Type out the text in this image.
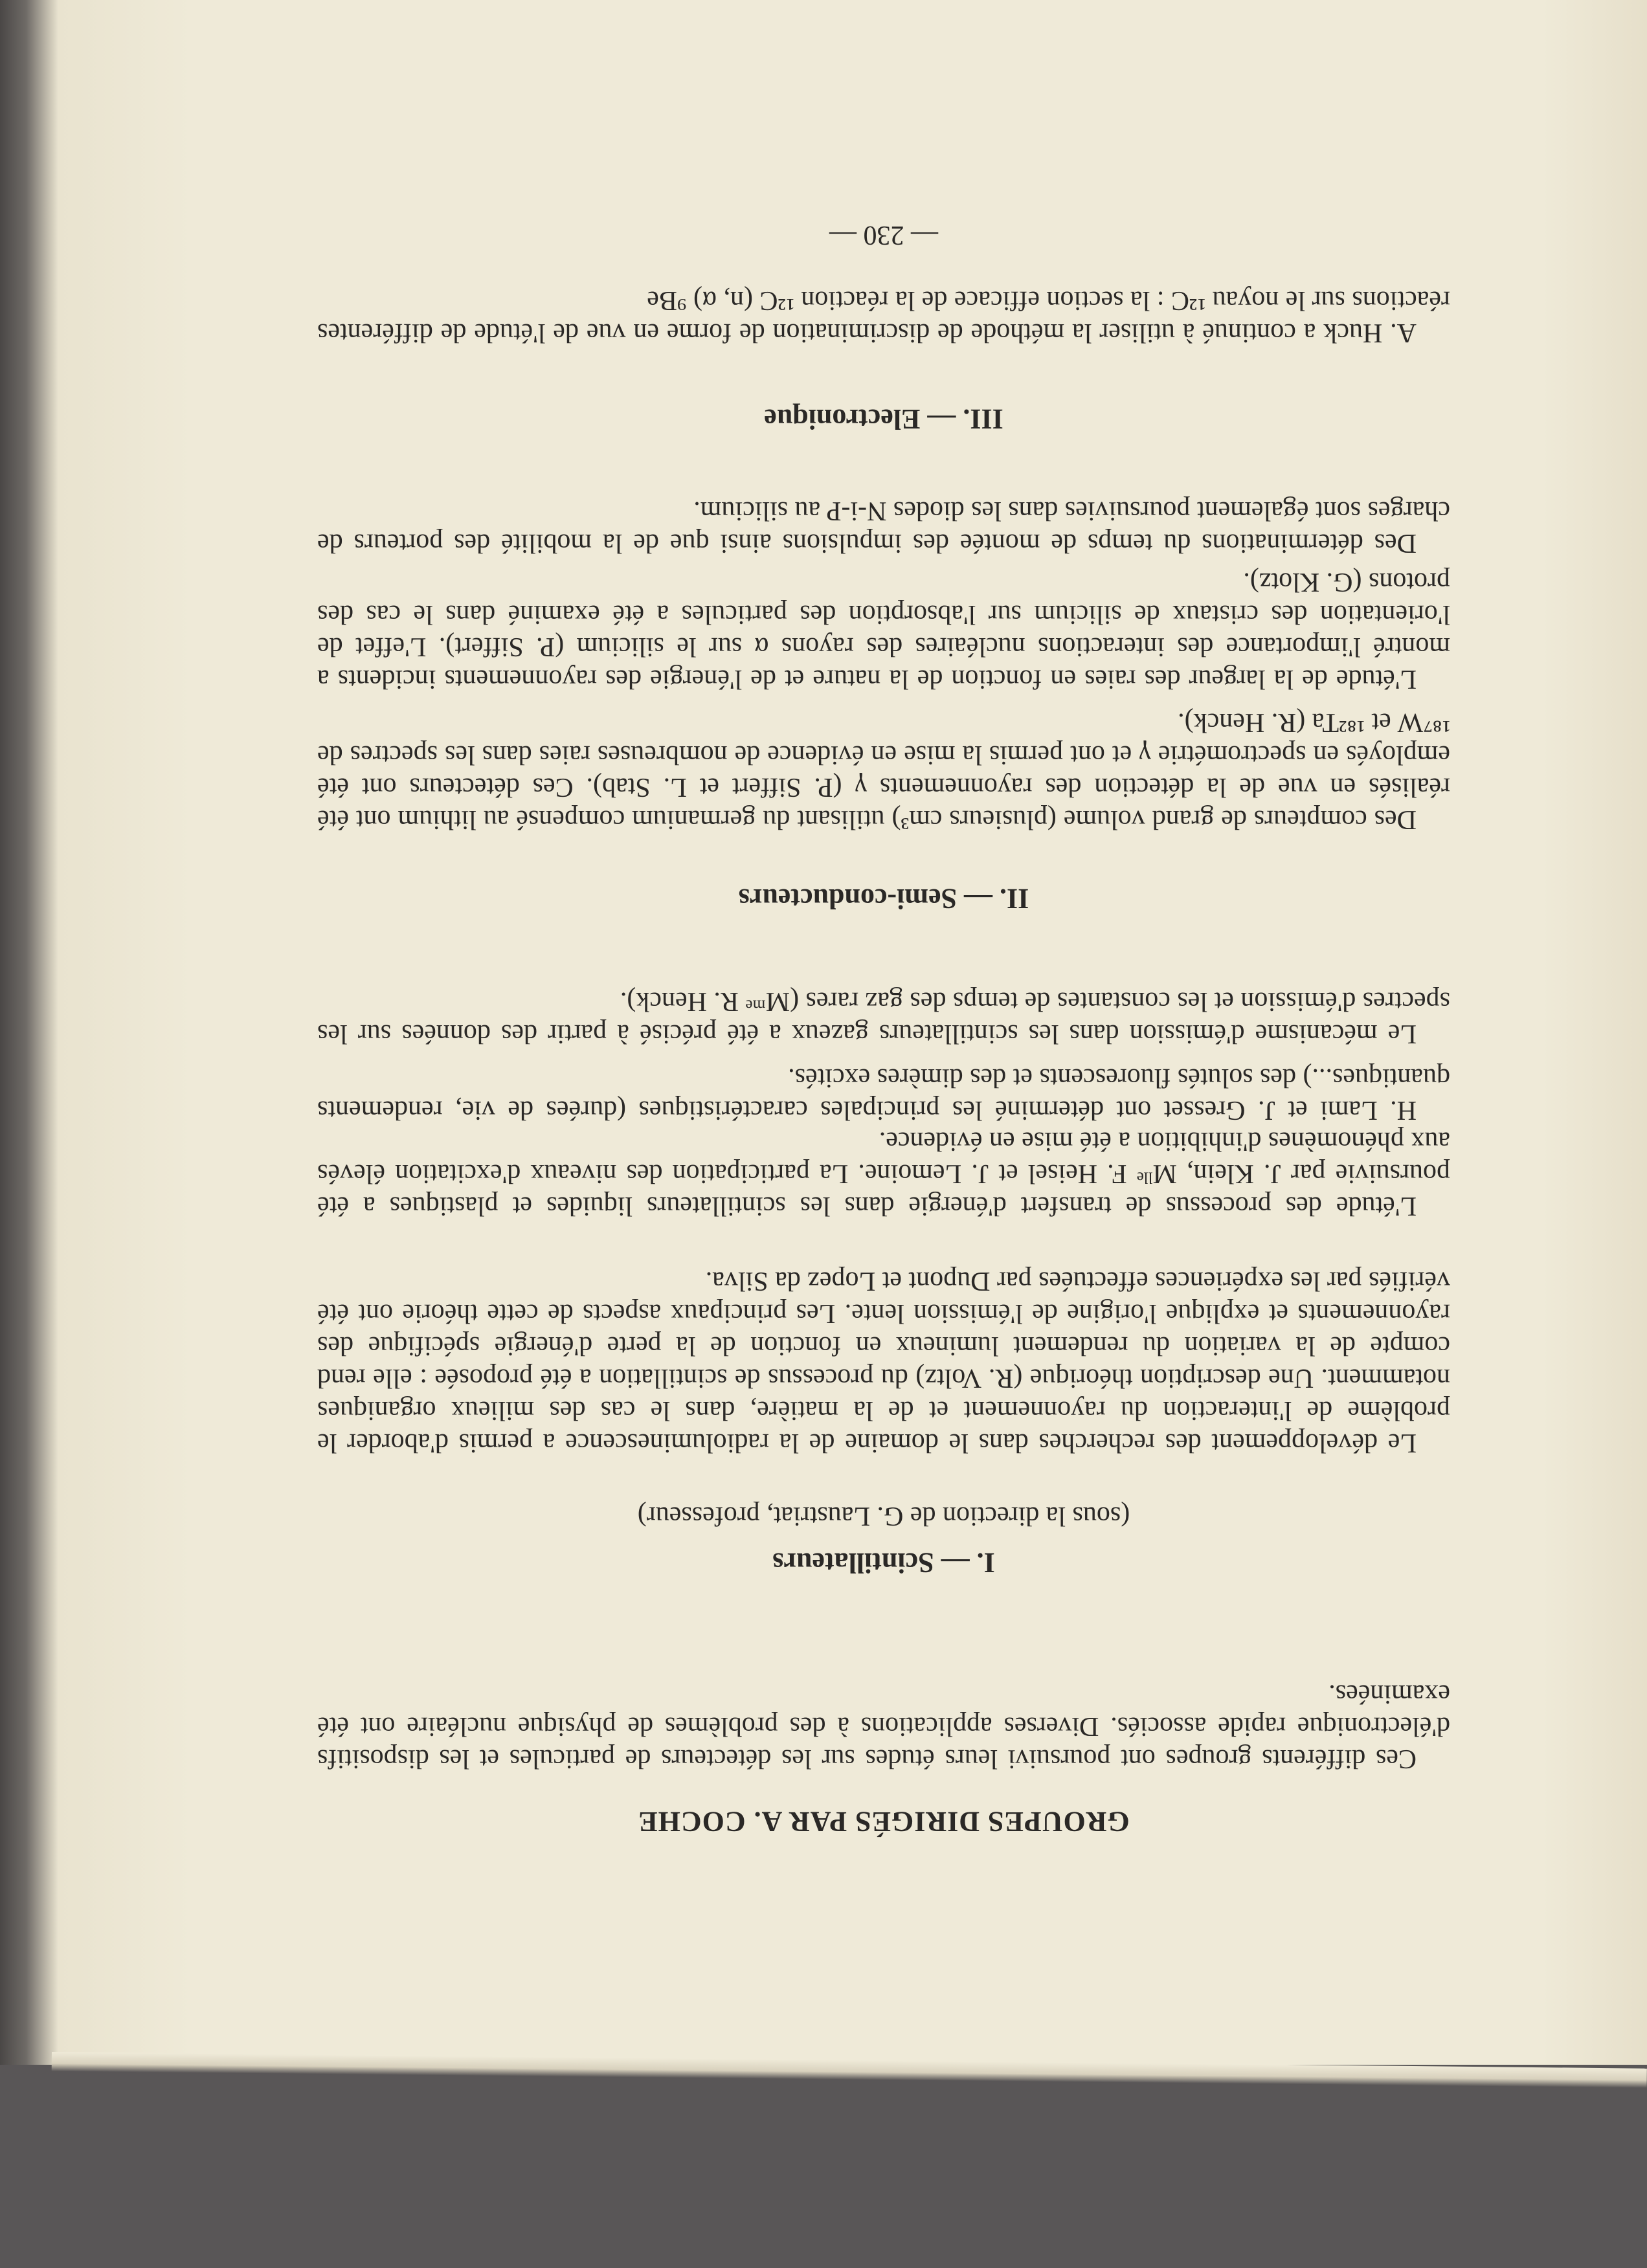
GROUPES DIRIGÉS PAR A. COCHE

Ces différents groupes ont poursuivi leurs études sur les détecteurs de particules et les dispositifs d'électronique rapide associés. Diverses applications à des problèmes de physique nucléaire ont été examinées.

I. — Scintillateurs
(sous la direction de G. Laustriat, professeur)

Le développement des recherches dans le domaine de la radioluminescence a permis d'aborder le problème de l'interaction du rayonnement et de la matière, dans le cas des milieux organiques notamment. Une description théorique (R. Voltz) du processus de scintillation a été proposée : elle rend compte de la variation du rendement lumineux en fonction de la perte d'énergie spécifique des rayonnements et explique l'origine de l'émission lente. Les principaux aspects de cette théorie ont été vérifiés par les expériences effectuées par Dupont et Lopez da Silva.

L'étude des processus de transfert d'énergie dans les scintillateurs liquides et plastiques a été poursuivie par J. Klein, Mˡˡᵉ F. Heisel et J. Lemoine. La participation des niveaux d'excitation élevés aux phénomènes d'inhibition a été mise en évidence.

H. Lami et J. Gresset ont déterminé les principales caractéristiques (durées de vie, rendements quantiques...) des solutés fluorescents et des dimères excités.

Le mécanisme d'émission dans les scintillateurs gazeux a été précisé à partir des données sur les spectres d'émission et les constantes de temps des gaz rares (Mᵐᵉ R. Henck).

II. — Semi-conducteurs

Des compteurs de grand volume (plusieurs cm³) utilisant du germanium compensé au lithium ont été réalisés en vue de la détection des rayonnements γ (P. Siffert et L. Stab). Ces détecteurs ont été employés en spectrométrie γ et ont permis la mise en évidence de nombreuses raies dans les spectres de ¹⁸⁷W et ¹⁸²Ta (R. Henck).

L'étude de la largeur des raies en fonction de la nature et de l'énergie des rayonnements incidents a montré l'importance des interactions nucléaires des rayons α sur le silicium (P. Siffert). L'effet de l'orientation des cristaux de silicium sur l'absorption des particules a été examiné dans le cas des protons (G. Klotz).

Des déterminations du temps de montée des impulsions ainsi que de la mobilité des porteurs de charges sont également poursuivies dans les diodes N-i-P au silicium.

III. — Electronique

A. Huck a continué à utiliser la méthode de discrimination de forme en vue de l'étude de différentes réactions sur le noyau ¹²C : la section efficace de la réaction ¹²C (n, α) ⁹Be

— 230 —
